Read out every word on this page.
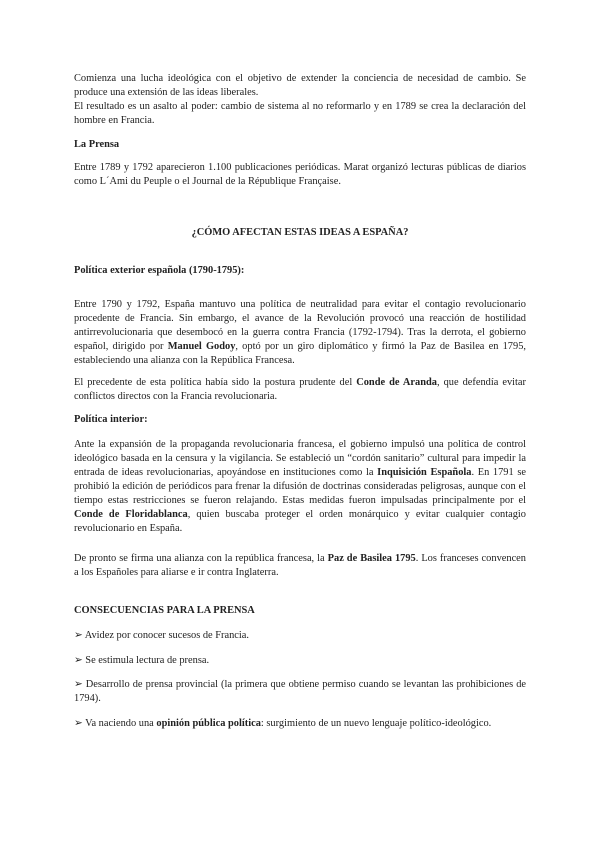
Comienza una lucha ideológica con el objetivo de extender la conciencia de necesidad de cambio. Se produce una extensión de las ideas liberales.

El resultado es un asalto al poder: cambio de sistema al no reformarlo y en 1789 se crea la declaración del hombre en Francia.

La Prensa

Entre 1789 y 1792 aparecieron 1.100 publicaciones periódicas. Marat organizó lecturas públicas de diarios como L´Ami du Peuple o el Journal de la République Française.

¿CÓMO AFECTAN ESTAS IDEAS A ESPAÑA?

Política exterior española (1790-1795):

Entre 1790 y 1792, España mantuvo una política de neutralidad para evitar el contagio revolucionario procedente de Francia. Sin embargo, el avance de la Revolución provocó una reacción de hostilidad antirrevolucionaria que desembocó en la guerra contra Francia (1792-1794). Tras la derrota, el gobierno español, dirigido por Manuel Godoy, optó por un giro diplomático y firmó la Paz de Basilea en 1795, estableciendo una alianza con la República Francesa.

El precedente de esta política había sido la postura prudente del Conde de Aranda, que defendía evitar conflictos directos con la Francia revolucionaria.

Política interior:

Ante la expansión de la propaganda revolucionaria francesa, el gobierno impulsó una política de control ideológico basada en la censura y la vigilancia. Se estableció un “cordón sanitario” cultural para impedir la entrada de ideas revolucionarias, apoyándose en instituciones como la Inquisición Española. En 1791 se prohibió la edición de periódicos para frenar la difusión de doctrinas consideradas peligrosas, aunque con el tiempo estas restricciones se fueron relajando. Estas medidas fueron impulsadas principalmente por el Conde de Floridablanca, quien buscaba proteger el orden monárquico y evitar cualquier contagio revolucionario en España.

De pronto se firma una alianza con la república francesa, la Paz de Basilea 1795. Los franceses convencen a los Españoles para aliarse e ir contra Inglaterra.

CONSECUENCIAS PARA LA PRENSA

➢ Avidez por conocer sucesos de Francia.

➢ Se estimula lectura de prensa.

➢ Desarrollo de prensa provincial (la primera que obtiene permiso cuando se levantan las prohibiciones de 1794).

➢ Va naciendo una opinión pública política: surgimiento de un nuevo lenguaje político-ideológico.
